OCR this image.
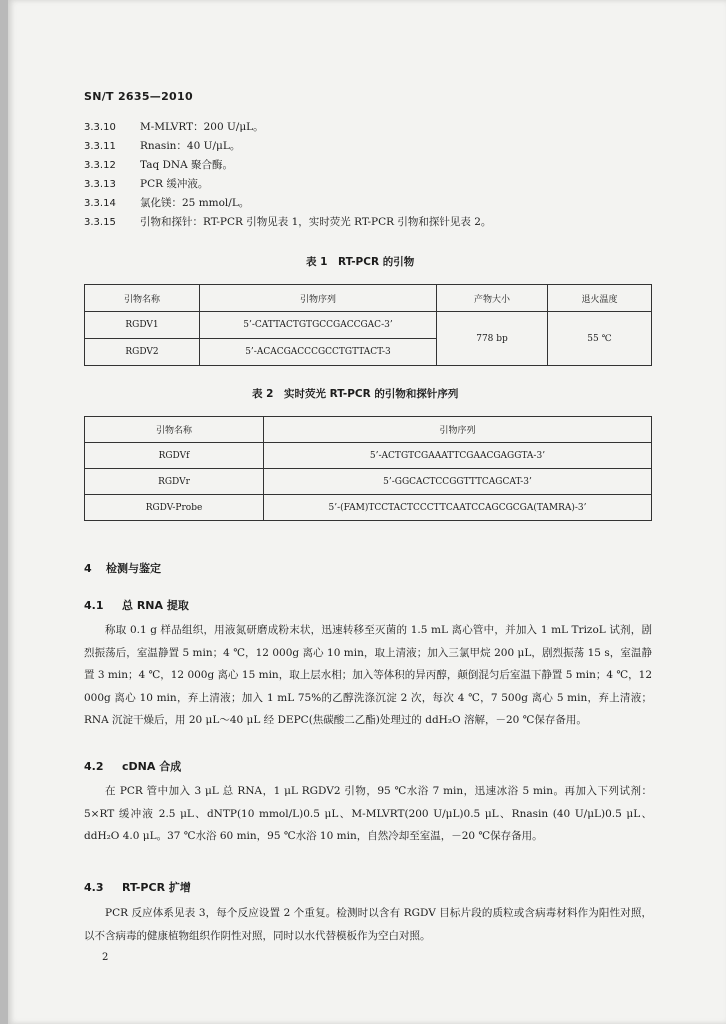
SN/T 2635—2010
3.3.10 M-MLVRT：200 U/μL。
3.3.11 Rnasin：40 U/μL。
3.3.12 Taq DNA 聚合酶。
3.3.13 PCR 缓冲液。
3.3.14 氯化镁：25 mmol/L。
3.3.15 引物和探针：RT-PCR 引物见表 1，实时荧光 RT-PCR 引物和探针见表 2。
表 1　RT-PCR 的引物
引物名称	引物序列	产物大小	退火温度
RGDV1	5’-CATTACTGTGCCGACCGAC-3’	778 bp	55 ℃
RGDV2	5’-ACACGACCCGCCTGTTACT-3		
表 2　实时荧光 RT-PCR 的引物和探针序列
引物名称	引物序列
RGDVf	5’-ACTGTCGAAATTCGAACGAGGTA-3’
RGDVr	5’-GGCACTCCGGTTTCAGCAT-3’
RGDV-Probe	5’-(FAM)TCCTACTCCCTTCAATCCAGCGCGA(TAMRA)-3’
4 检测与鉴定
4.1 总 RNA 提取
称取 0.1 g 样品组织，用液氮研磨成粉末状，迅速转移至灭菌的 1.5 mL 离心管中，并加入 1 mL TrizoL 试剂，剧烈振荡后，室温静置 5 min；4 ℃，12 000g 离心 10 min，取上清液；加入三氯甲烷 200 μL，剧烈振荡 15 s，室温静置 3 min；4 ℃，12 000g 离心 15 min，取上层水相；加入等体积的异丙醇，颠倒混匀后室温下静置 5 min；4 ℃，12 000g 离心 10 min，弃上清液；加入 1 mL 75%的乙醇洗涤沉淀 2 次，每次 4 ℃，7 500g 离心 5 min，弃上清液；RNA 沉淀干燥后，用 20 μL～40 μL 经 DEPC(焦碳酸二乙酯)处理过的 ddH₂O 溶解，－20 ℃保存备用。
4.2 cDNA 合成
在 PCR 管中加入 3 μL 总 RNA，1 μL RGDV2 引物，95 ℃水浴 7 min，迅速冰浴 5 min。再加入下列试剂：5×RT 缓冲液 2.5 μL、dNTP(10 mmol/L)0.5 μL、M-MLVRT(200 U/μL)0.5 μL、Rnasin (40 U/μL)0.5 μL、ddH₂O 4.0 μL。37 ℃水浴 60 min，95 ℃水浴 10 min，自然冷却至室温，－20 ℃保存备用。
4.3 RT-PCR 扩增
PCR 反应体系见表 3，每个反应设置 2 个重复。检测时以含有 RGDV 目标片段的质粒或含病毒材料作为阳性对照，以不含病毒的健康植物组织作阴性对照，同时以水代替模板作为空白对照。
2
